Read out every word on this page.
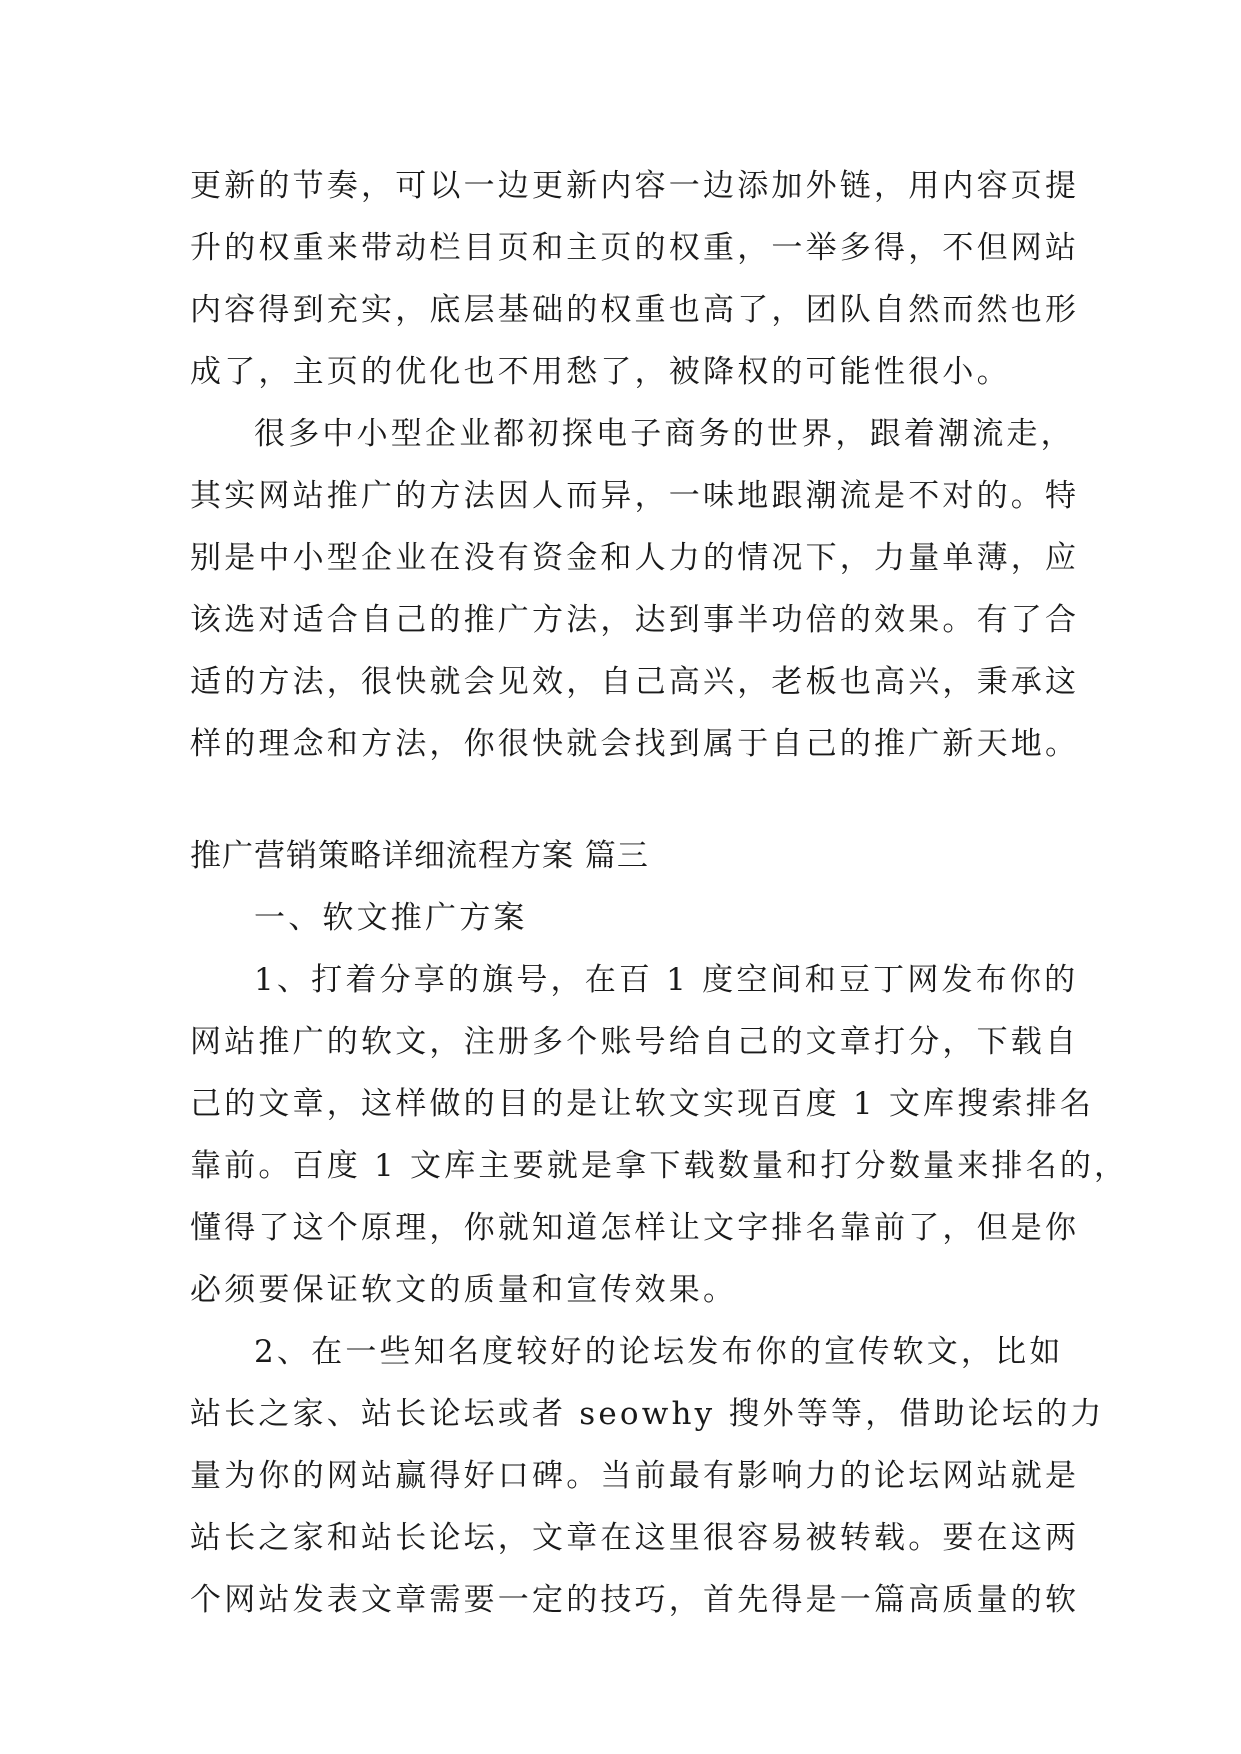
更新的节奏，可以一边更新内容一边添加外链，用内容页提
升的权重来带动栏目页和主页的权重，一举多得，不但网站
内容得到充实，底层基础的权重也高了，团队自然而然也形
成了，主页的优化也不用愁了，被降权的可能性很小。
很多中小型企业都初探电子商务的世界，跟着潮流走，
其实网站推广的方法因人而异，一味地跟潮流是不对的。特
别是中小型企业在没有资金和人力的情况下，力量单薄，应
该选对适合自己的推广方法，达到事半功倍的效果。有了合
适的方法，很快就会见效，自己高兴，老板也高兴，秉承这
样的理念和方法，你很快就会找到属于自己的推广新天地。
推广营销策略详细流程方案 篇三
一、软文推广方案
1、打着分享的旗号，在百 1 度空间和豆丁网发布你的
网站推广的软文，注册多个账号给自己的文章打分，下载自
己的文章，这样做的目的是让软文实现百度 1 文库搜索排名
靠前。百度 1 文库主要就是拿下载数量和打分数量来排名的，
懂得了这个原理，你就知道怎样让文字排名靠前了，但是你
必须要保证软文的质量和宣传效果。
2、在一些知名度较好的论坛发布你的宣传软文，比如
站长之家、站长论坛或者 seowhy 搜外等等，借助论坛的力
量为你的网站赢得好口碑。当前最有影响力的论坛网站就是
站长之家和站长论坛，文章在这里很容易被转载。要在这两
个网站发表文章需要一定的技巧，首先得是一篇高质量的软
